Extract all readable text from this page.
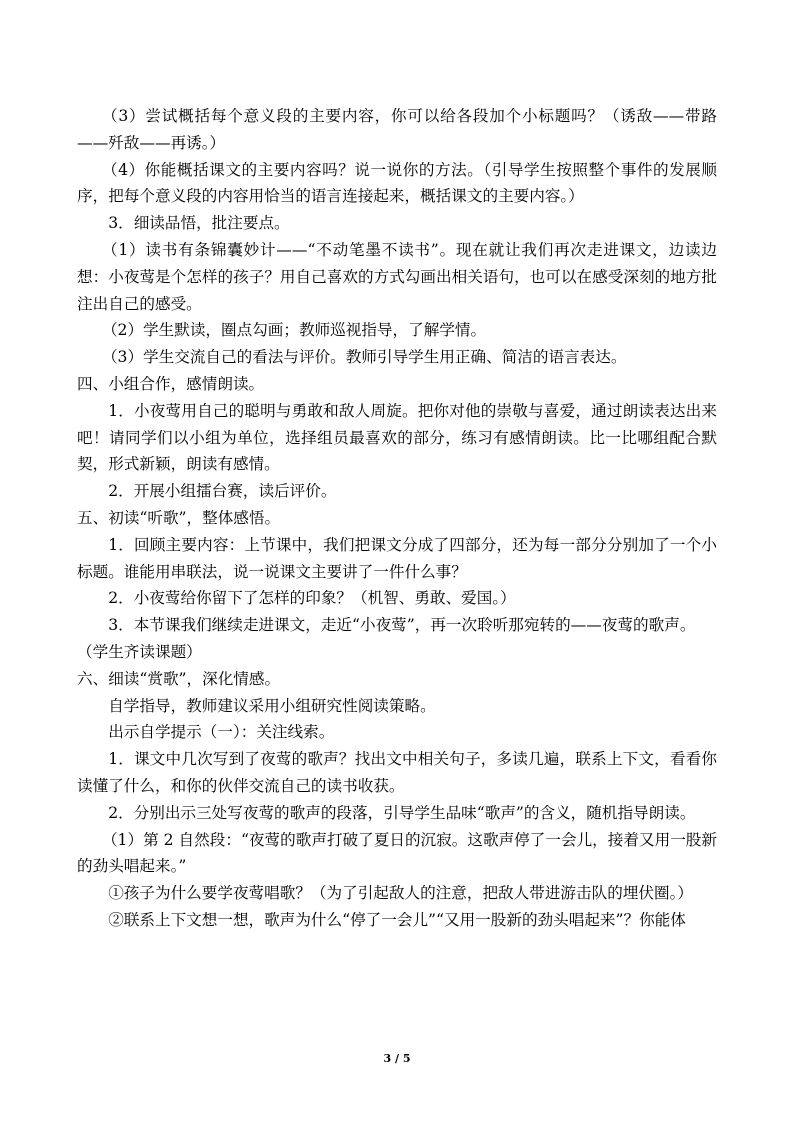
（3）尝试概括每个意义段的主要内容，你可以给各段加个小标题吗？（诱敌——带路——歼敌——再诱。）

（4）你能概括课文的主要内容吗？说一说你的方法。（引导学生按照整个事件的发展顺序，把每个意义段的内容用恰当的语言连接起来，概括课文的主要内容。）

3．细读品悟，批注要点。

（1）读书有条锦囊妙计——“不动笔墨不读书”。现在就让我们再次走进课文，边读边想：小夜莺是个怎样的孩子？用自己喜欢的方式勾画出相关语句，也可以在感受深刻的地方批注出自己的感受。

（2）学生默读，圈点勾画；教师巡视指导，了解学情。

（3）学生交流自己的看法与评价。教师引导学生用正确、简洁的语言表达。

四、小组合作，感情朗读。

1．小夜莺用自己的聪明与勇敢和敌人周旋。把你对他的崇敬与喜爱，通过朗读表达出来吧！请同学们以小组为单位，选择组员最喜欢的部分，练习有感情朗读。比一比哪组配合默契，形式新颖，朗读有感情。

2．开展小组擂台赛，读后评价。

五、初读“听歌”，整体感悟。

1．回顾主要内容：上节课中，我们把课文分成了四部分，还为每一部分分别加了一个小标题。谁能用串联法，说一说课文主要讲了一件什么事？

2．小夜莺给你留下了怎样的印象？（机智、勇敢、爱国。）

3．本节课我们继续走进课文，走近“小夜莺”，再一次聆听那宛转的——夜莺的歌声。

（学生齐读课题）

六、细读“赏歌”，深化情感。

自学指导，教师建议采用小组研究性阅读策略。

出示自学提示（一）：关注线索。

1．课文中几次写到了夜莺的歌声？找出文中相关句子，多读几遍，联系上下文，看看你读懂了什么，和你的伙伴交流自己的读书收获。

2．分别出示三处写夜莺的歌声的段落，引导学生品味“歌声”的含义，随机指导朗读。

（1）第 2 自然段：“夜莺的歌声打破了夏日的沉寂。这歌声停了一会儿，接着又用一股新的劲头唱起来。”

①孩子为什么要学夜莺唱歌？（为了引起敌人的注意，把敌人带进游击队的埋伏圈。）

②联系上下文想一想，歌声为什么“停了一会儿”“又用一股新的劲头唱起来”？你能体

3 / 5
